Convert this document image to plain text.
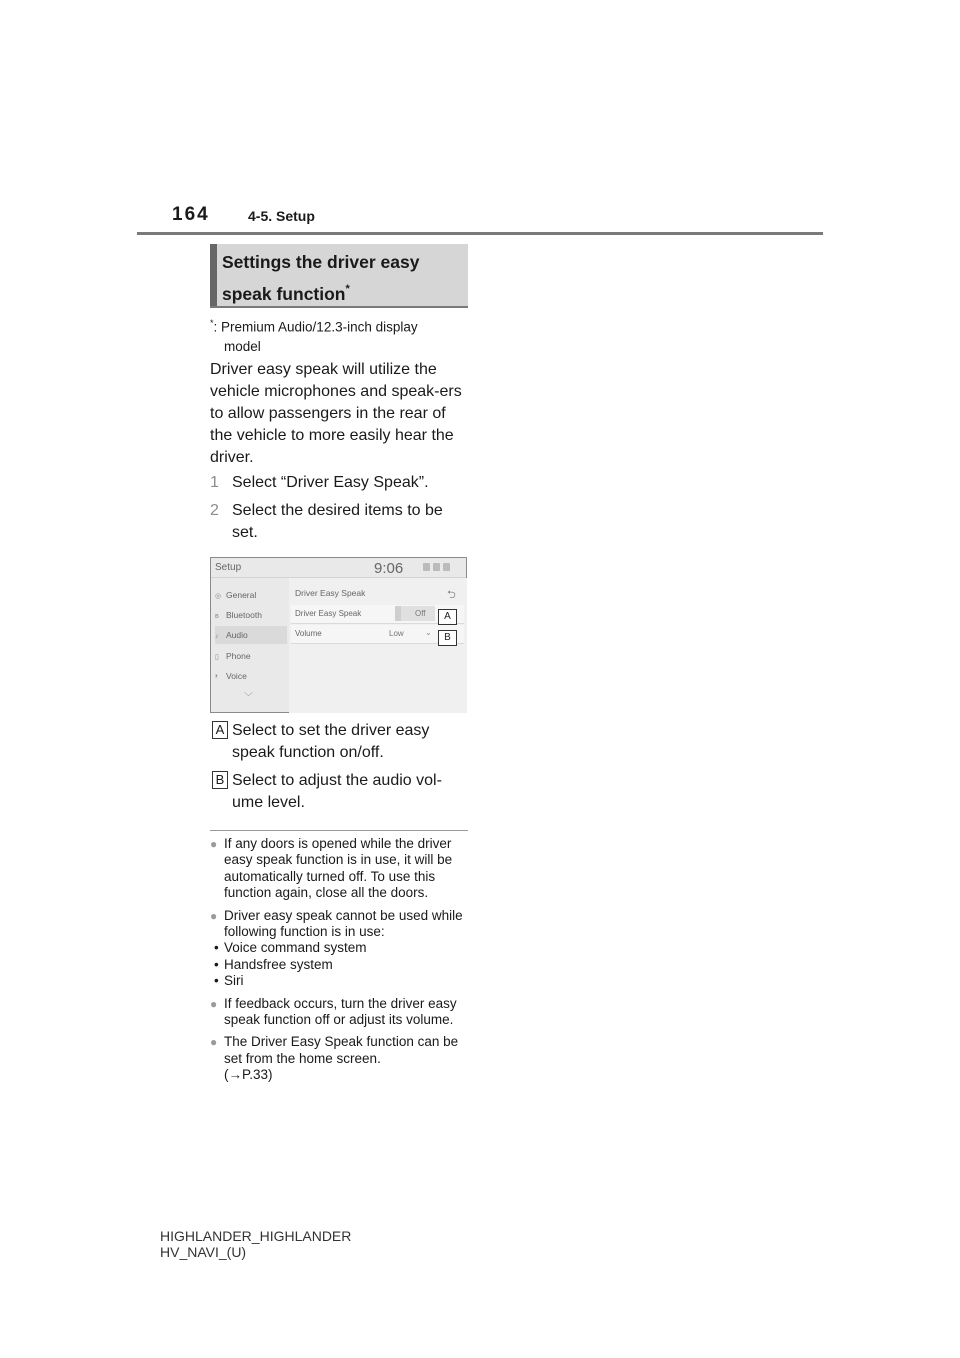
164	4-5. Setup
Settings the driver easy speak function*
*: Premium Audio/12.3-inch display
model
Driver easy speak will utilize the vehicle microphones and speak-ers to allow passengers in the rear of the vehicle to more easily hear the driver.
1 Select “Driver Easy Speak”.
2 Select the desired items to be set.
Setup	9:06
◎ General
ʙ Bluetooth
♪ Audio
▯ Phone
ᵜ Voice
﹀
Driver Easy Speak	⮌
Driver Easy Speak	Off
Volume	Low	⌄
A
B
A Select to set the driver easy speak function on/off.
B Select to adjust the audio vol-ume level.
● If any doors is opened while the driver easy speak function is in use, it will be automatically turned off. To use this function again, close all the doors.
● Driver easy speak cannot be used while following function is in use:
• Voice command system
• Handsfree system
• Siri
● If feedback occurs, turn the driver easy speak function off or adjust its volume.
● The Driver Easy Speak function can be set from the home screen.
(→P.33)
HIGHLANDER_HIGHLANDER
HV_NAVI_(U)
